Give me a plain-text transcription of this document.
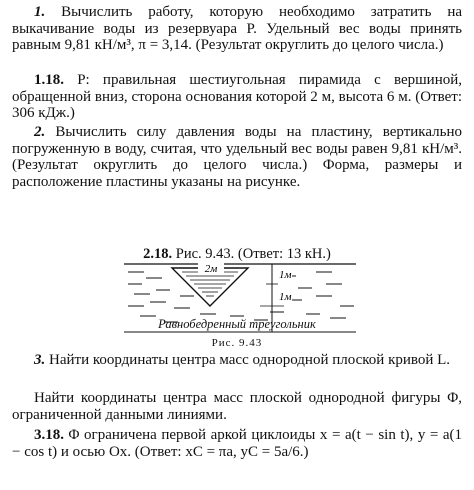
1. Вычислить работу, которую необходимо затратить на выкачивание воды из резервуара P. Удельный вес воды принять равным 9,81 кН/м³, π = 3,14. (Результат округлить до целого числа.)

1.18. P: правильная шестиугольная пирамида с вершиной, обращенной вниз, сторона основания которой 2 м, высота 6 м. (Ответ: 306 кДж.)

2. Вычислить силу давления воды на пластину, вертикально погруженную в воду, считая, что удельный вес воды равен 9,81 кН/м³. (Результат округлить до целого числа.) Форма, размеры и расположение пластины указаны на рисунке.

2.18. Рис. 9.43. (Ответ: 13 кН.)
2м	1м
1м
Равнобедренный треугольник
Рис. 9.43

3. Найти координаты центра масс однородной плоской кривой L.

Найти координаты центра масс плоской однородной фигуры Φ, ограниченной данными линиями.

3.18. Φ ограничена первой аркой циклоиды x = a(t − sin t), y = a(1 − cos t) и осью Ox. (Ответ: xC = πa, yC = 5a/6.)
